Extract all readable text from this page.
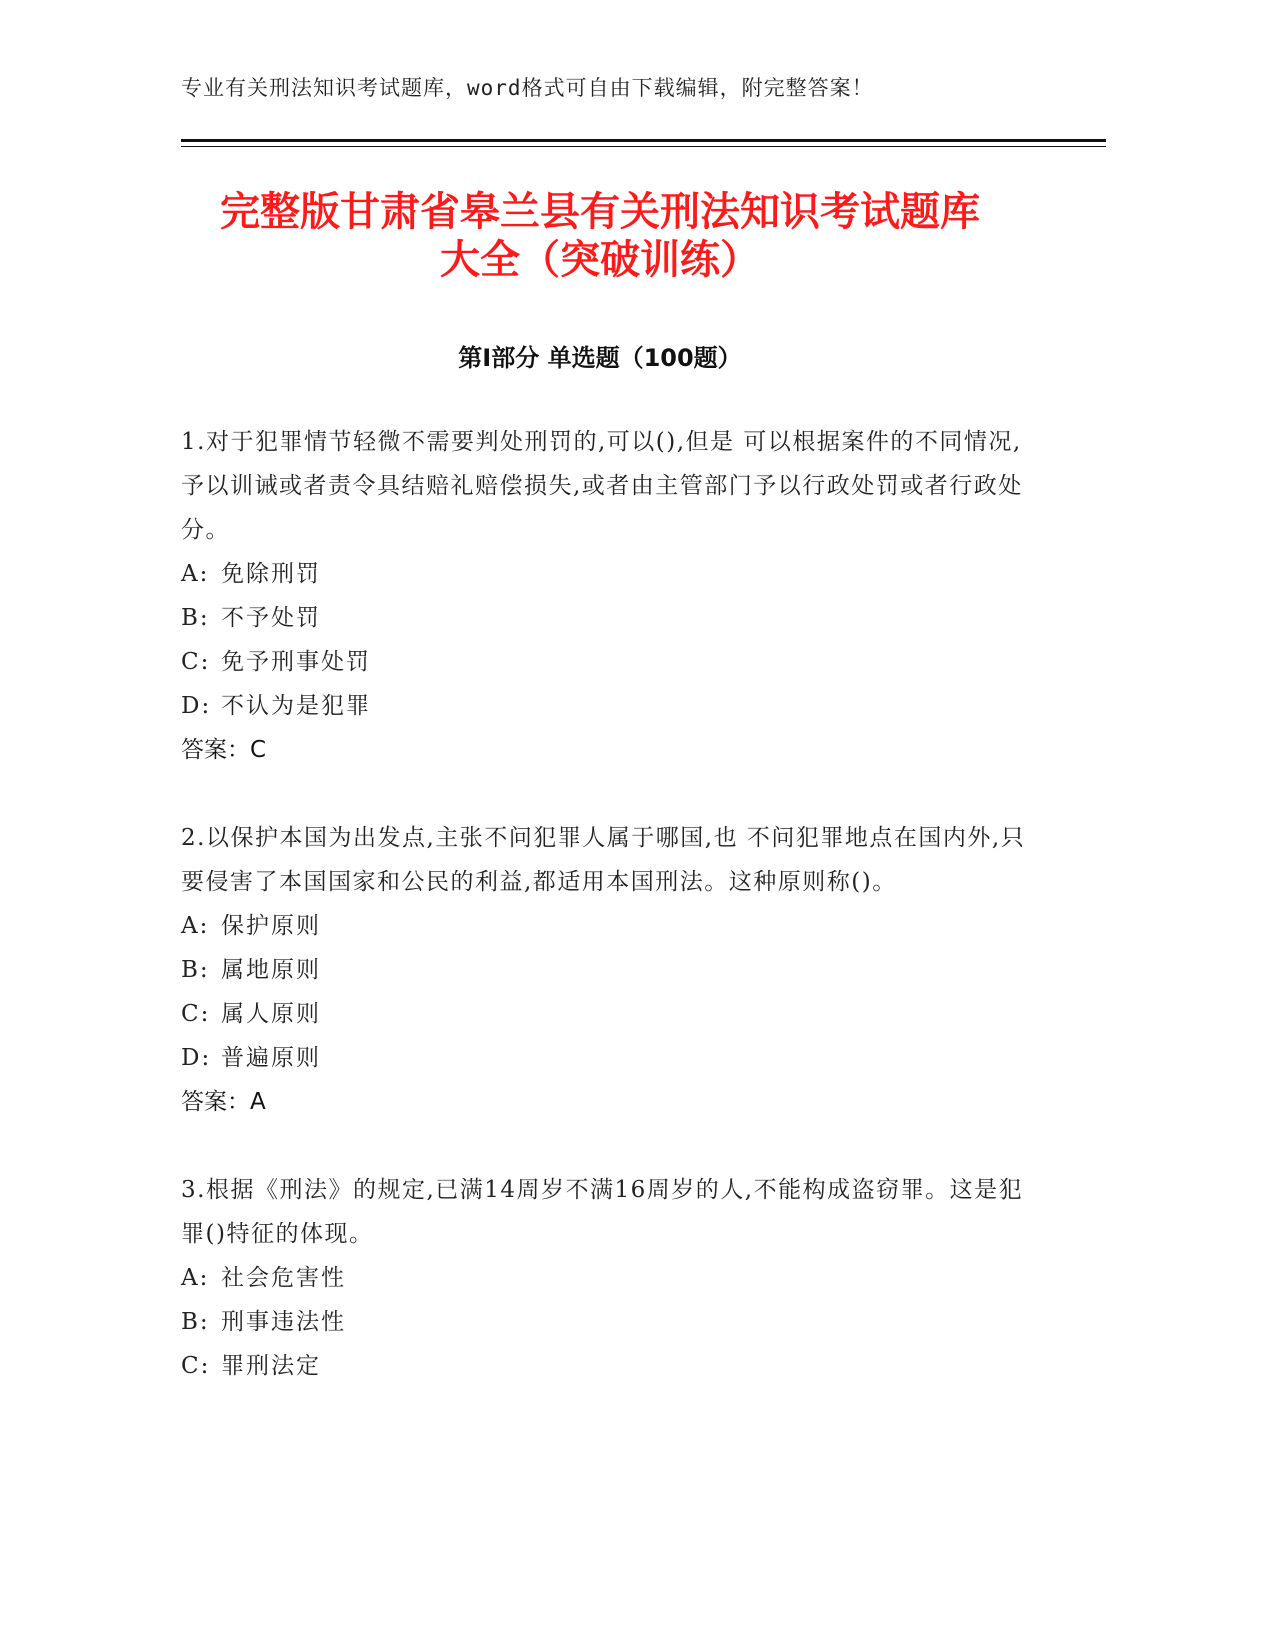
专业有关刑法知识考试题库，word格式可自由下载编辑，附完整答案！
完整版甘肃省皋兰县有关刑法知识考试题库
大全（突破训练）
第Ⅰ部分 单选题（100题）

1.对于犯罪情节轻微不需要判处刑罚的,可以(),但是 可以根据案件的不同情况,予以训诫或者责令具结赔礼赔偿损失,或者由主管部门予以行政处罚或者行政处分。

A: 免除刑罚

B: 不予处罚

C: 免予刑事处罚

D: 不认为是犯罪

答案：C

2.以保护本国为出发点,主张不问犯罪人属于哪国,也 不问犯罪地点在国内外,只要侵害了本国国家和公民的利益,都适用本国刑法。这种原则称()。

A: 保护原则

B: 属地原则

C: 属人原则

D: 普遍原则

答案：A

3.根据《刑法》的规定,已满14周岁不满16周岁的人,不能构成盗窃罪。这是犯罪()特征的体现。

A: 社会危害性

B: 刑事违法性

C: 罪刑法定
